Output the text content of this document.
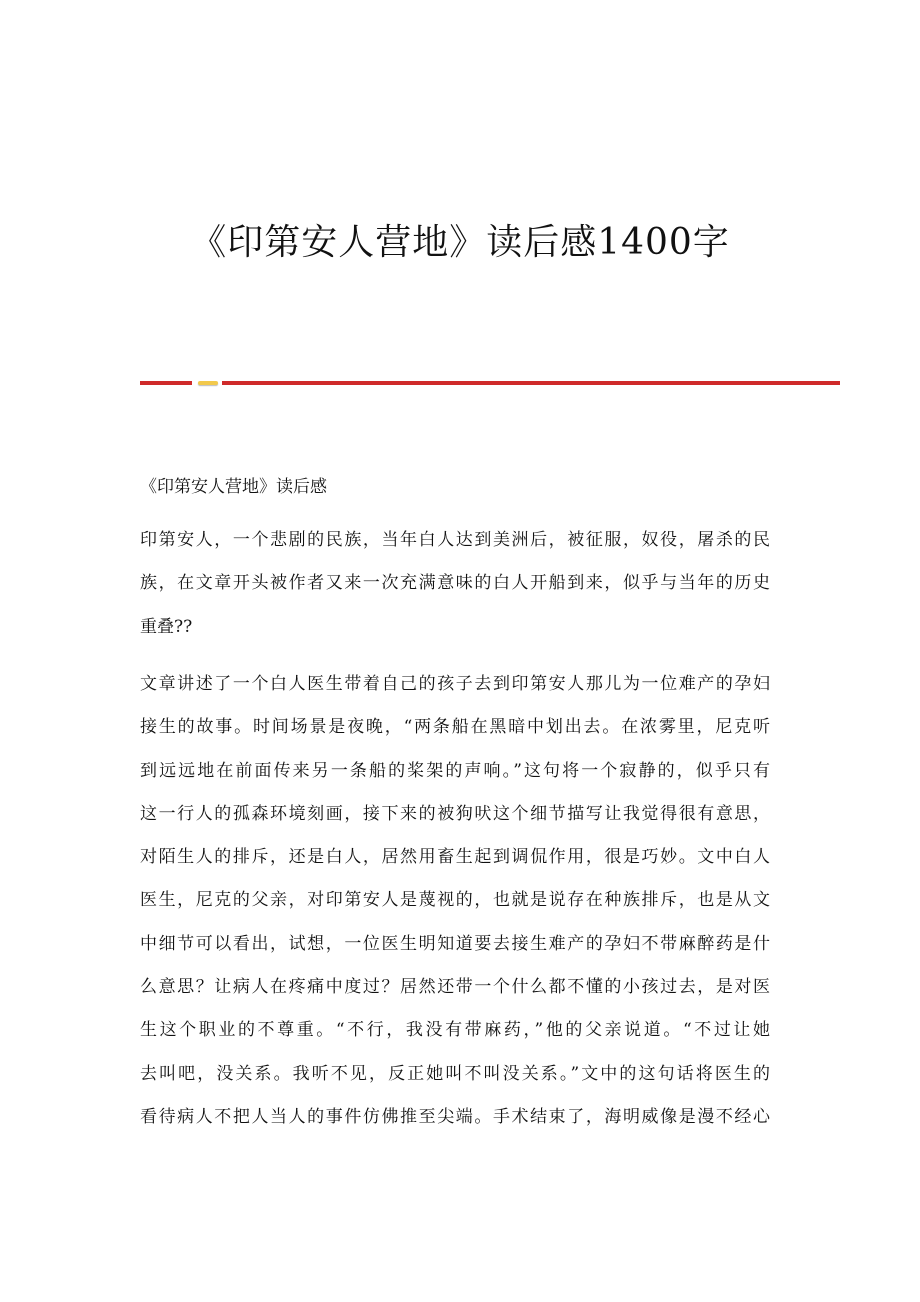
《印第安人营地》读后感1400字

《印第安人营地》读后感

印第安人，一个悲剧的民族，当年白人达到美洲后，被征服，奴役，屠杀的民
族，在文章开头被作者又来一次充满意味的白人开船到来，似乎与当年的历史
重叠??
文章讲述了一个白人医生带着自己的孩子去到印第安人那儿为一位难产的孕妇
接生的故事。时间场景是夜晚，“两条船在黑暗中划出去。在浓雾里，尼克听
到远远地在前面传来另一条船的桨架的声响。”这句将一个寂静的，似乎只有
这一行人的孤森环境刻画，接下来的被狗吠这个细节描写让我觉得很有意思，
对陌生人的排斥，还是白人，居然用畜生起到调侃作用，很是巧妙。文中白人
医生，尼克的父亲，对印第安人是蔑视的，也就是说存在种族排斥，也是从文
中细节可以看出，试想，一位医生明知道要去接生难产的孕妇不带麻醉药是什
么意思？让病人在疼痛中度过？居然还带一个什么都不懂的小孩过去，是对医
生这个职业的不尊重。“不行，我没有带麻药，”他的父亲说道。“不过让她
去叫吧，没关系。我听不见，反正她叫不叫没关系。”文中的这句话将医生的
看待病人不把人当人的事件仿佛推至尖端。手术结束了，海明威像是漫不经心
